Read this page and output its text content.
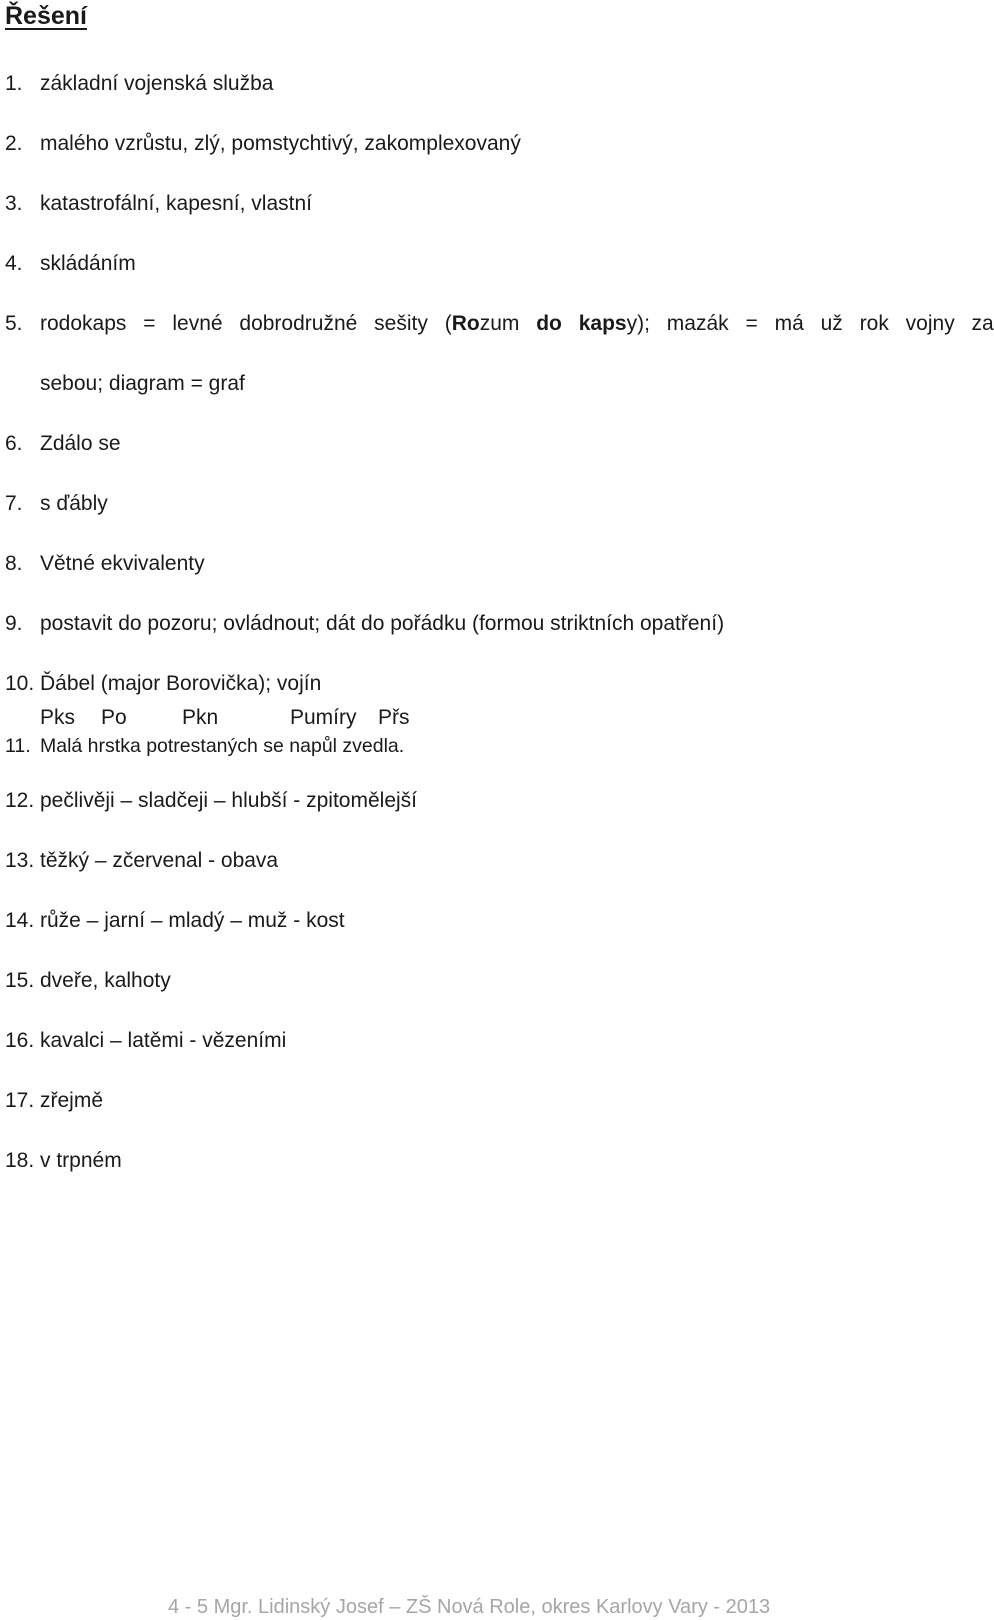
Řešení
1. základní vojenská služba
2. malého vzrůstu, zlý, pomstychtivý, zakomplexovaný
3. katastrofální, kapesní, vlastní
4. skládáním
5. rodokaps = levné dobrodružné sešity (Rozum do kapsy); mazák = má už rok vojny za
sebou; diagram = graf
6. Zdálo se
7. s ďábly
8. Větné ekvivalenty
9. postavit do pozoru; ovládnout; dát do pořádku (formou striktních opatření)
10. Ďábel (major Borovička); vojín
Pks Po	Pkn	Pumíry Přs
11. Malá hrstka potrestaných se napůl zvedla.
12. pečlivěji – sladčeji – hlubší - zpitomělejší
13. těžký – zčervenal - obava
14. růže – jarní – mladý – muž - kost
15. dveře, kalhoty
16. kavalci – latěmi - vězeními
17. zřejmě
18. v trpném
4 - 5 Mgr. Lidinský Josef – ZŠ Nová Role, okres Karlovy Vary - 2013
